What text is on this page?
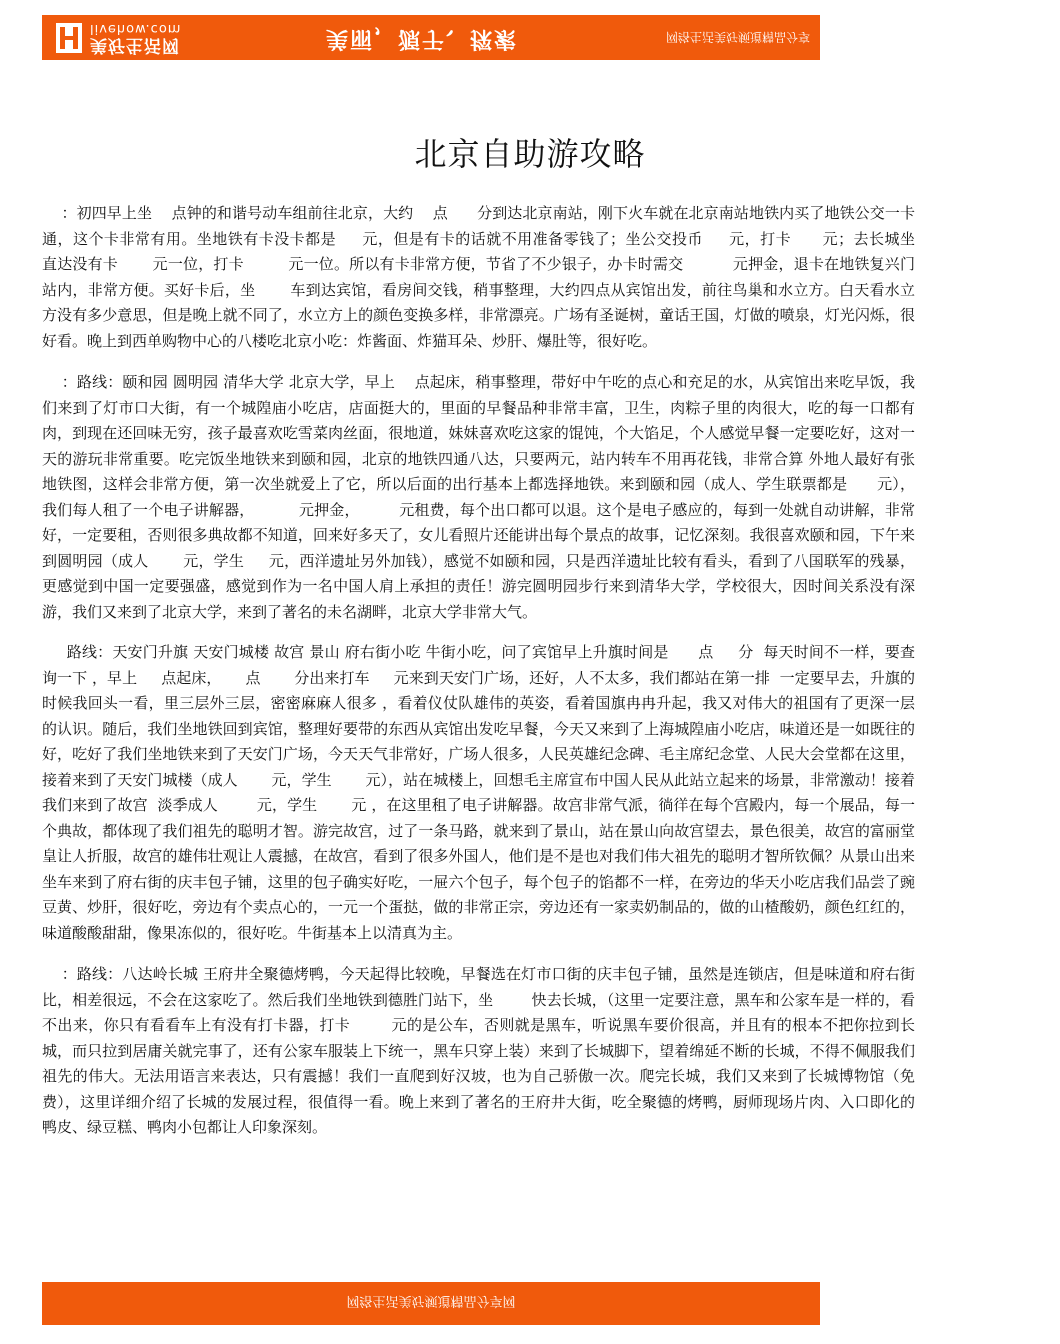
livehow.com
美好生活网	美丽，源于、探索	网络生活美好频道精品分享
北京自助游攻略

：初四早上坐    点钟的和谐号动车组前往北京，大约    点      分到达北京南站，刚下火车就在北京南站地铁内买了地铁公交一卡通，这个卡非常有用。坐地铁有卡没卡都是     元，但是有卡的话就不用准备零钱了；坐公交投币     元，打卡      元；去长城坐         直达没有卡       元一位，打卡         元一位。所以有卡非常方便，节省了不少银子，办卡时需交          元押金，退卡在地铁复兴门站内，非常方便。买好卡后，坐       车到达宾馆，看房间交钱，稍事整理，大约四点从宾馆出发，前往鸟巢和水立方。白天看水立方没有多少意思，但是晚上就不同了，水立方上的颜色变换多样，非常漂亮。广场有圣诞树，童话王国，灯做的喷泉，灯光闪烁，很好看。晚上到西单购物中心的八楼吃北京小吃：炸酱面、炸猫耳朵、炒肝、爆肚等，很好吃。

：路线：颐和园 圆明园 清华大学 北京大学，早上    点起床，稍事整理，带好中午吃的点心和充足的水，从宾馆出来吃早饭，我们来到了灯市口大街，有一个城隍庙小吃店，店面挺大的，里面的早餐品种非常丰富，卫生，肉粽子里的肉很大，吃的每一口都有肉，到现在还回味无穷，孩子最喜欢吃雪菜肉丝面，很地道，妹妹喜欢吃这家的馄饨，个大馅足，个人感觉早餐一定要吃好，这对一天的游玩非常重要。吃完饭坐地铁来到颐和园，北京的地铁四通八达，只要两元，站内转车不用再花钱，非常合算 外地人最好有张地铁图，这样会非常方便，第一次坐就爱上了它，所以后面的出行基本上都选择地铁。来到颐和园（成人、学生联票都是      元），我们每人租了一个电子讲解器，         元押金，        元租费，每个出口都可以退。这个是电子感应的，每到一处就自动讲解，非常好，一定要租，否则很多典故都不知道，回来好多天了，女儿看照片还能讲出每个景点的故事，记忆深刻。我很喜欢颐和园，下午来到圆明园（成人       元，学生     元，西洋遗址另外加钱），感觉不如颐和园，只是西洋遗址比较有看头，看到了八国联军的残暴，更感觉到中国一定要强盛，感觉到作为一名中国人肩上承担的责任！游完圆明园步行来到清华大学，学校很大，因时间关系没有深游，我们又来到了北京大学，来到了著名的未名湖畔，北京大学非常大气。

路线：天安门升旗 天安门城楼 故宫 景山 府右街小吃 牛街小吃，问了宾馆早上升旗时间是      点     分  每天时间不一样，要查询一下 ，早上     点起床，     点       分出来打车     元来到天安门广场，还好，人不太多，我们都站在第一排  一定要早去，升旗的时候我回头一看，里三层外三层，密密麻麻人很多 ，看着仪仗队雄伟的英姿，看着国旗冉冉升起，我又对伟大的祖国有了更深一层的认识。随后，我们坐地铁回到宾馆，整理好要带的东西从宾馆出发吃早餐，今天又来到了上海城隍庙小吃店，味道还是一如既往的好，吃好了我们坐地铁来到了天安门广场，今天天气非常好，广场人很多，人民英雄纪念碑、毛主席纪念堂、人民大会堂都在这里，接着来到了天安门城楼（成人       元，学生       元），站在城楼上，回想毛主席宣布中国人民从此站立起来的场景，非常激动！接着我们来到了故宫  淡季成人        元，学生       元 ，在这里租了电子讲解器。故宫非常气派，徜徉在每个宫殿内，每一个展品，每一个典故，都体现了我们祖先的聪明才智。游完故宫，过了一条马路，就来到了景山，站在景山向故宫望去，景色很美，故宫的富丽堂皇让人折服，故宫的雄伟壮观让人震撼，在故宫，看到了很多外国人，他们是不是也对我们伟大祖先的聪明才智所钦佩？从景山出来坐车来到了府右街的庆丰包子铺，这里的包子确实好吃，一屉六个包子，每个包子的馅都不一样，在旁边的华天小吃店我们品尝了豌豆黄、炒肝，很好吃，旁边有个卖点心的，一元一个蛋挞，做的非常正宗，旁边还有一家卖奶制品的，做的山楂酸奶，颜色红红的，味道酸酸甜甜，像果冻似的，很好吃。牛街基本上以清真为主。

：路线：八达岭长城 王府井全聚德烤鸭，今天起得比较晚，早餐选在灯市口街的庆丰包子铺，虽然是连锁店，但是味道和府右街比，相差很远，不会在这家吃了。然后我们坐地铁到德胜门站下，坐        快去长城，（这里一定要注意，黑车和公家车是一样的，看不出来，你只有看看车上有没有打卡器，打卡        元的是公车，否则就是黑车，听说黑车要价很高，并且有的根本不把你拉到长城，而只拉到居庸关就完事了，还有公家车服装上下统一，黑车只穿上装）来到了长城脚下，望着绵延不断的长城，不得不佩服我们祖先的伟大。无法用语言来表达，只有震撼！我们一直爬到好汉坡，也为自己骄傲一次。爬完长城，我们又来到了长城博物馆（免费），这里详细介绍了长城的发展过程，很值得一看。晚上来到了著名的王府井大街，吃全聚德的烤鸭，厨师现场片肉、入口即化的鸭皮、绿豆糕、鸭肉小包都让人印象深刻。

网络生活美好频道精品分享网
